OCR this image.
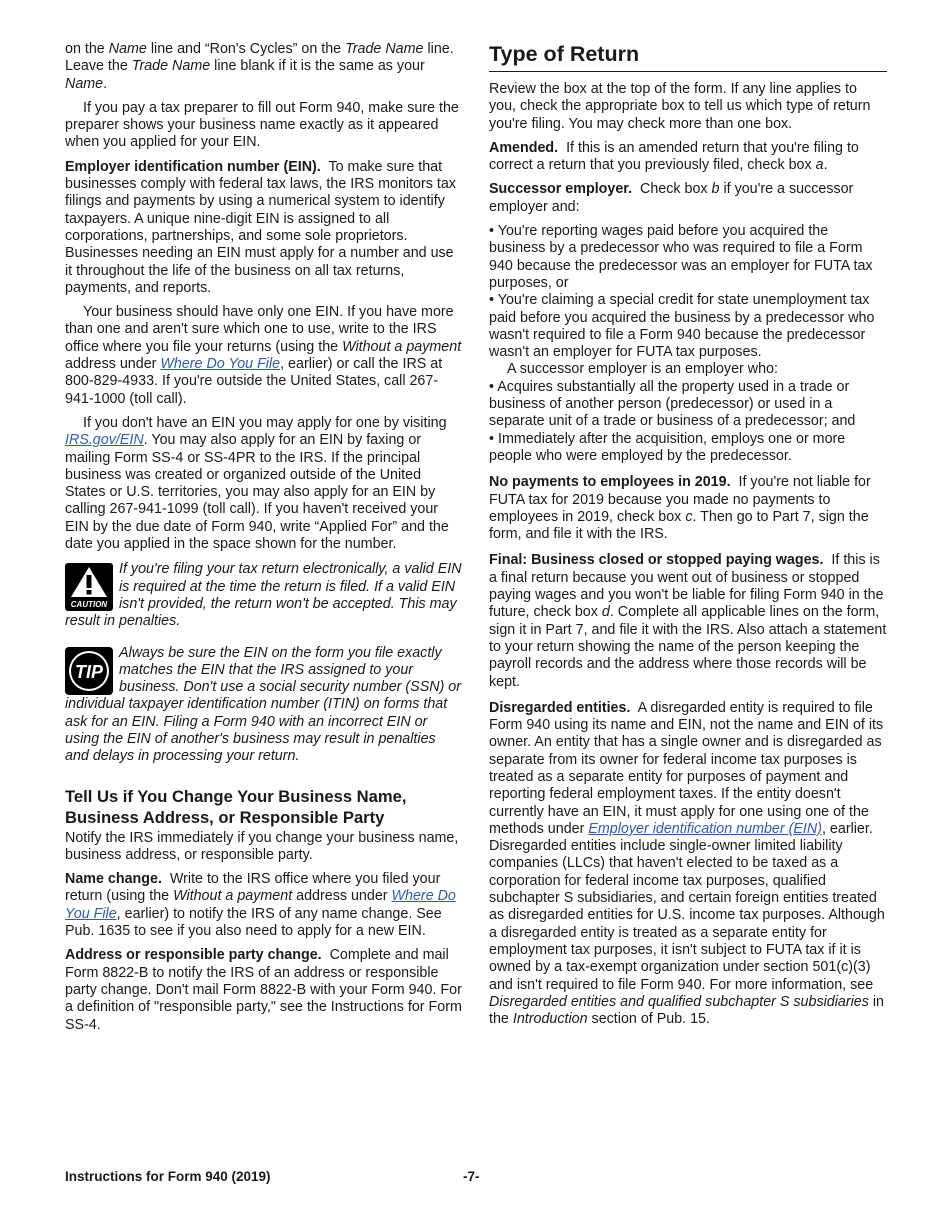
on the Name line and “Ron's Cycles” on the Trade Name line. Leave the Trade Name line blank if it is the same as your Name.

If you pay a tax preparer to fill out Form 940, make sure the preparer shows your business name exactly as it appeared when you applied for your EIN.

Employer identification number (EIN). To make sure that businesses comply with federal tax laws, the IRS monitors tax filings and payments by using a numerical system to identify taxpayers. A unique nine-digit EIN is assigned to all corporations, partnerships, and some sole proprietors. Businesses needing an EIN must apply for a number and use it throughout the life of the business on all tax returns, payments, and reports.

Your business should have only one EIN. If you have more than one and aren't sure which one to use, write to the IRS office where you file your returns (using the Without a payment address under Where Do You File, earlier) or call the IRS at 800-829-4933. If you're outside the United States, call 267-941-1000 (toll call).

If you don't have an EIN you may apply for one by visiting IRS.gov/EIN. You may also apply for an EIN by faxing or mailing Form SS-4 or SS-4PR to the IRS. If the principal business was created or organized outside of the United States or U.S. territories, you may also apply for an EIN by calling 267-941-1099 (toll call). If you haven't received your EIN by the due date of Form 940, write “Applied For” and the date you applied in the space shown for the number.

CAUTION
If you're filing your tax return electronically, a valid EIN is required at the time the return is filed. If a valid EIN isn't provided, the return won't be accepted. This may result in penalties.
TIP
Always be sure the EIN on the form you file exactly matches the EIN that the IRS assigned to your business. Don't use a social security number (SSN) or individual taxpayer identification number (ITIN) on forms that ask for an EIN. Filing a Form 940 with an incorrect EIN or using the EIN of another's business may result in penalties and delays in processing your return.
Tell Us if You Change Your Business Name, Business Address, or Responsible Party

Notify the IRS immediately if you change your business name, business address, or responsible party.

Name change. Write to the IRS office where you filed your return (using the Without a payment address under Where Do You File, earlier) to notify the IRS of any name change. See Pub. 1635 to see if you also need to apply for a new EIN.

Address or responsible party change. Complete and mail Form 8822-B to notify the IRS of an address or responsible party change. Don't mail Form 8822-B with your Form 940. For a definition of "responsible party," see the Instructions for Form SS-4.

Type of Return

Review the box at the top of the form. If any line applies to you, check the appropriate box to tell us which type of return you're filing. You may check more than one box.

Amended. If this is an amended return that you're filing to correct a return that you previously filed, check box a.

Successor employer. Check box b if you're a successor employer and:

• You're reporting wages paid before you acquired the business by a predecessor who was required to file a Form 940 because the predecessor was an employer for FUTA tax purposes, or

• You're claiming a special credit for state unemployment tax paid before you acquired the business by a predecessor who wasn't required to file a Form 940 because the predecessor wasn't an employer for FUTA tax purposes.

A successor employer is an employer who:

• Acquires substantially all the property used in a trade or business of another person (predecessor) or used in a separate unit of a trade or business of a predecessor; and

• Immediately after the acquisition, employs one or more people who were employed by the predecessor.

No payments to employees in 2019. If you're not liable for FUTA tax for 2019 because you made no payments to employees in 2019, check box c. Then go to Part 7, sign the form, and file it with the IRS.

Final: Business closed or stopped paying wages. If this is a final return because you went out of business or stopped paying wages and you won't be liable for filing Form 940 in the future, check box d. Complete all applicable lines on the form, sign it in Part 7, and file it with the IRS. Also attach a statement to your return showing the name of the person keeping the payroll records and the address where those records will be kept.

Disregarded entities. A disregarded entity is required to file Form 940 using its name and EIN, not the name and EIN of its owner. An entity that has a single owner and is disregarded as separate from its owner for federal income tax purposes is treated as a separate entity for purposes of payment and reporting federal employment taxes. If the entity doesn't currently have an EIN, it must apply for one using one of the methods under Employer identification number (EIN), earlier. Disregarded entities include single-owner limited liability companies (LLCs) that haven't elected to be taxed as a corporation for federal income tax purposes, qualified subchapter S subsidiaries, and certain foreign entities treated as disregarded entities for U.S. income tax purposes. Although a disregarded entity is treated as a separate entity for employment tax purposes, it isn't subject to FUTA tax if it is owned by a tax-exempt organization under section 501(c)(3) and isn't required to file Form 940. For more information, see Disregarded entities and qualified subchapter S subsidiaries in the Introduction section of Pub. 15.

Instructions for Form 940 (2019)	-7-
